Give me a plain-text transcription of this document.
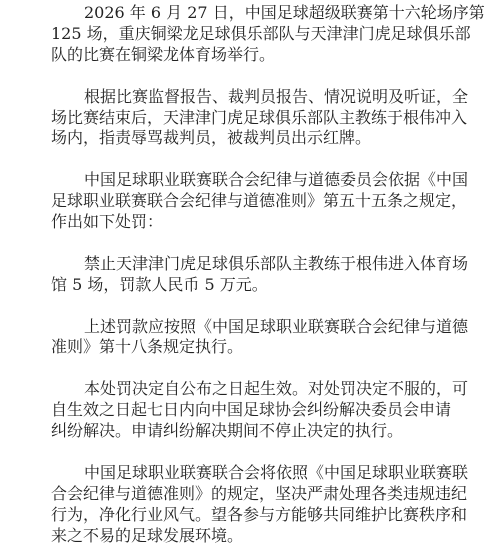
2026 年 6 月 27 日，中国足球超级联赛第十六轮场序第
125 场，重庆铜梁龙足球俱乐部队与天津津门虎足球俱乐部
队的比赛在铜梁龙体育场举行。
根据比赛监督报告、裁判员报告、情况说明及听证，全
场比赛结束后，天津津门虎足球俱乐部队主教练于根伟冲入
场内，指责辱骂裁判员，被裁判员出示红牌。
中国足球职业联赛联合会纪律与道德委员会依据《中国
足球职业联赛联合会纪律与道德准则》第五十五条之规定，
作出如下处罚：
禁止天津津门虎足球俱乐部队主教练于根伟进入体育场
馆 5 场，罚款人民币 5 万元。
上述罚款应按照《中国足球职业联赛联合会纪律与道德
准则》第十八条规定执行。
本处罚决定自公布之日起生效。对处罚决定不服的，可
自生效之日起七日内向中国足球协会纠纷解决委员会申请
纠纷解决。申请纠纷解决期间不停止决定的执行。
中国足球职业联赛联合会将依照《中国足球职业联赛联
合会纪律与道德准则》的规定，坚决严肃处理各类违规违纪
行为，净化行业风气。望各参与方能够共同维护比赛秩序和
来之不易的足球发展环境。
